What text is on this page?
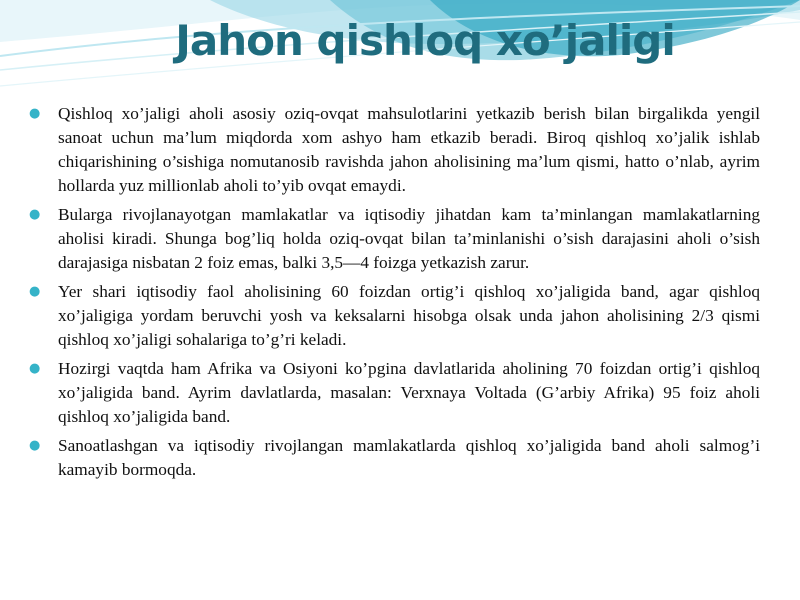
Jahon qishloq xo’jaligi
● Qishloq xo’jaligi aholi asosiy oziq-ovqat mahsulotlarini yetkazib berish bilan birgalikda yengil sanoat uchun ma’lum miqdorda xom ashyo ham etkazib beradi. Biroq qishloq xo’jalik ishlab chiqarishining o’sishiga nomutanosib ravishda jahon aholisining ma’lum qismi, hatto o’nlab, ayrim hollarda yuz millionlab aholi to’yib ovqat emaydi.
● Bularga rivojlanayotgan mamlakatlar va iqtisodiy jihatdan kam ta’minlangan mamlakatlarning aholisi kiradi. Shunga bog’liq holda oziq-ovqat bilan ta’minlanishi o’sish darajasini aholi o’sish darajasiga nisbatan 2 foiz emas, balki 3,5—4 foizga yetkazish zarur.
● Yer shari iqtisodiy faol aholisining 60 foizdan ortig’i qishloq xo’jaligida band, agar qishloq xo’jaligiga yordam beruvchi yosh va keksalarni hisobga olsak unda jahon aholisining 2/3 qismi qishloq xo’jaligi sohalariga to’g’ri keladi.
● Hozirgi vaqtda ham Afrika va Osiyoni ko’pgina davlatlarida aholining 70 foizdan ortig’i qishloq xo’jaligida band. Ayrim davlatlarda, masalan: Verxnaya Voltada (G’arbiy Afrika) 95 foiz aholi qishloq xo’jaligida band.
● Sanoatlashgan va iqtisodiy rivojlangan mamlakatlarda qishloq xo’jaligida band aholi salmog’i kamayib bormoqda.
